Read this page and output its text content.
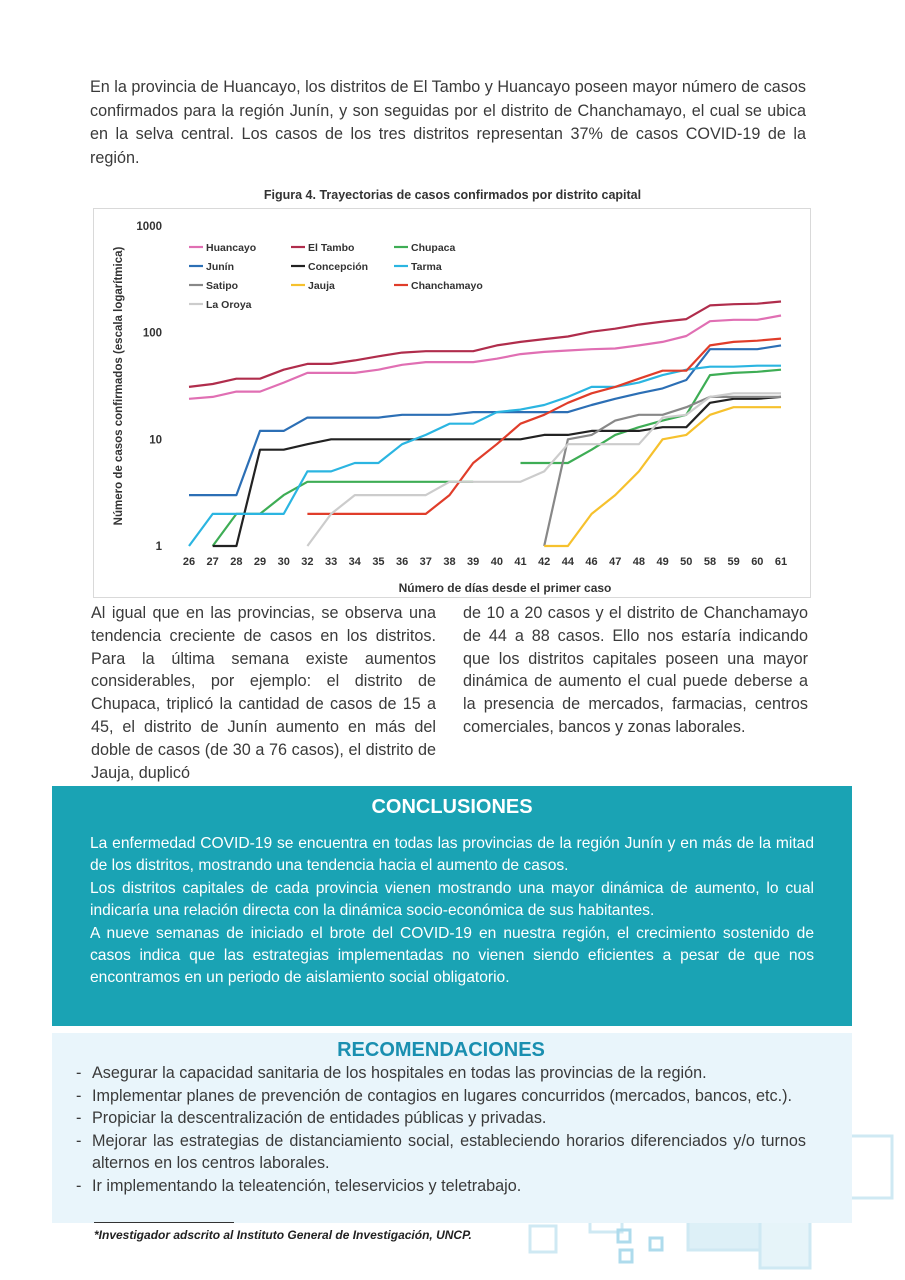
En la provincia de Huancayo, los distritos de El Tambo y Huancayo poseen mayor número de casos confirmados para la región Junín, y son seguidas por el distrito de Chanchamayo, el cual se ubica en la selva central. Los casos de los tres distritos representan 37% de casos COVID-19 de la región.

Figura 4. Trayectorias de casos confirmados por distrito capital

1
10
100
1000
26 27 28 29 30 32 33 34 35 36 37 38 39 40 41 42 44 46 47 48 49 50 58 59 60 61
Número de días desde el primer caso
Número de casos confirmados (escala logarítmica)	Huancayo	El Tambo	Chupaca
Junín	Concepción	Tarma
Satipo	Jauja	Chanchamayo
La Oroya

Al igual que en las provincias, se observa una tendencia creciente de casos en los distritos. Para la última semana existe aumentos considerables, por ejemplo: el distrito de Chupaca, triplicó la cantidad de casos de 15 a 45, el distrito de Junín aumento en más del doble de casos (de 30 a 76 casos), el distrito de Jauja, duplicó

de 10 a 20 casos y el distrito de Chanchamayo de 44 a 88 casos. Ello nos estaría indicando que los distritos capitales poseen una mayor dinámica de aumento el cual puede deberse a la presencia de mercados, farmacias, centros comerciales, bancos y zonas laborales.

CONCLUSIONES

La enfermedad COVID-19 se encuentra en todas las provincias de la región Junín y en más de la mitad de los distritos, mostrando una tendencia hacia el aumento de casos.

Los distritos capitales de cada provincia vienen mostrando una mayor dinámica de aumento, lo cual indicaría una relación directa con la dinámica socio-económica de sus habitantes.

A nueve semanas de iniciado el brote del COVID-19 en nuestra región, el crecimiento sostenido de casos indica que las estrategias implementadas no vienen siendo eficientes a pesar de que nos encontramos en un periodo de aislamiento social obligatorio.

RECOMENDACIONES
- Asegurar la capacidad sanitaria de los hospitales en todas las provincias de la región.
- Implementar planes de prevención de contagios en lugares concurridos (mercados, bancos, etc.).
- Propiciar la descentralización de entidades públicas y privadas.
- Mejorar las estrategias de distanciamiento social, estableciendo horarios diferenciados y/o turnos alternos en los centros laborales.
- Ir implementando la teleatención, teleservicios y teletrabajo.

*Investigador adscrito al Instituto General de Investigación, UNCP.
